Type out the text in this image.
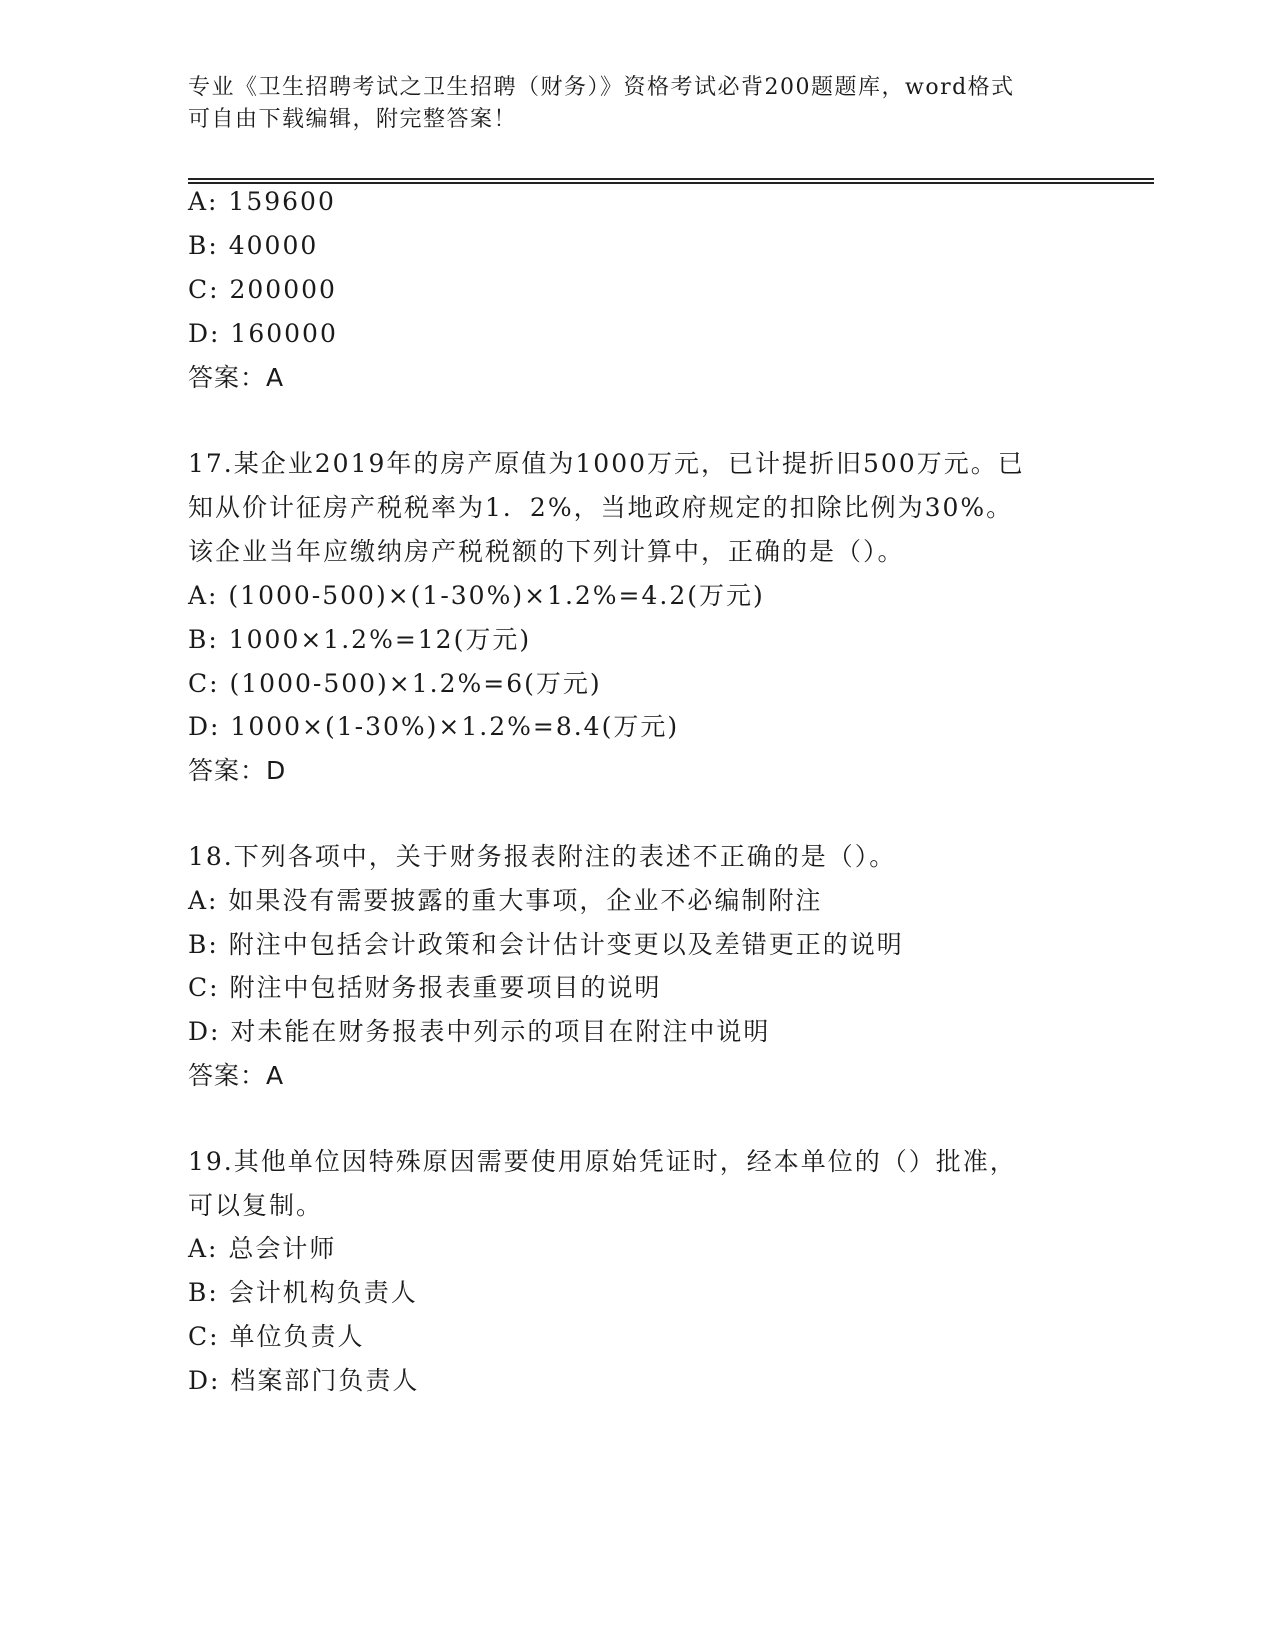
专业《卫生招聘考试之卫生招聘（财务）》资格考试必背200题题库，word格式
可自由下载编辑，附完整答案！
A: 159600
B: 40000
C: 200000
D: 160000
答案：A
17.某企业2019年的房产原值为1000万元，已计提折旧500万元。已
知从价计征房产税税率为1．2%，当地政府规定的扣除比例为30%。
该企业当年应缴纳房产税税额的下列计算中，正确的是（）。
A: (1000-500)×(1-30%)×1.2%=4.2(万元)
B: 1000×1.2%=12(万元)
C: (1000-500)×1.2%=6(万元)
D: 1000×(1-30%)×1.2%=8.4(万元)
答案：D
18.下列各项中，关于财务报表附注的表述不正确的是（）。
A: 如果没有需要披露的重大事项，企业不必编制附注
B: 附注中包括会计政策和会计估计变更以及差错更正的说明
C: 附注中包括财务报表重要项目的说明
D: 对未能在财务报表中列示的项目在附注中说明
答案：A
19.其他单位因特殊原因需要使用原始凭证时，经本单位的（）批准，
可以复制。
A: 总会计师
B: 会计机构负责人
C: 单位负责人
D: 档案部门负责人
